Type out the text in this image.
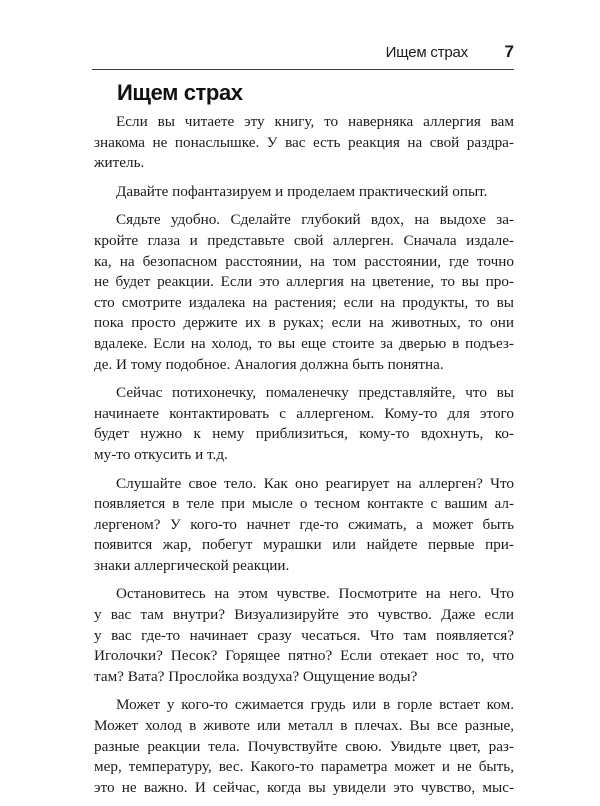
Ищем страх 7
Ищем страх

Если вы читаете эту книгу, то наверняка аллергия вам
знакома не понаслышке. У вас есть реакция на свой раздра-
житель.

Давайте пофантазируем и проделаем практический опыт.

Сядьте удобно. Сделайте глубокий вдох, на выдохе за-
кройте глаза и представьте свой аллерген. Сначала издале-
ка, на безопасном расстоянии, на том расстоянии, где точно
не будет реакции. Если это аллергия на цветение, то вы про-
сто смотрите издалека на растения; если на продукты, то вы
пока просто держите их в руках; если на животных, то они
вдалеке. Если на холод, то вы еще стоите за дверью в подъез-
де. И тому подобное. Аналогия должна быть понятна.

Сейчас потихонечку, помаленечку представляйте, что вы
начинаете контактировать с аллергеном. Кому-то для этого
будет нужно к нему приблизиться, кому-то вдохнуть, ко-
му-то откусить и т.д.

Слушайте свое тело. Как оно реагирует на аллерген? Что
появляется в теле при мысле о тесном контакте с вашим ал-
лергеном? У кого-то начнет где-то сжимать, а может быть
появится жар, побегут мурашки или найдете первые при-
знаки аллергической реакции.

Остановитесь на этом чувстве. Посмотрите на него. Что
у вас там внутри? Визуализируйте это чувство. Даже если
у вас где-то начинает сразу чесаться. Что там появляется?
Иголочки? Песок? Горящее пятно? Если отекает нос то, что
там? Вата? Прослойка воздуха? Ощущение воды?

Может у кого-то сжимается грудь или в горле встает ком.
Может холод в животе или металл в плечах. Вы все разные,
разные реакции тела. Почувствуйте свою. Увидьте цвет, раз-
мер, температуру, вес. Какого-то параметра может и не быть,
это не важно. И сейчас, когда вы увидели это чувство, мыс-
